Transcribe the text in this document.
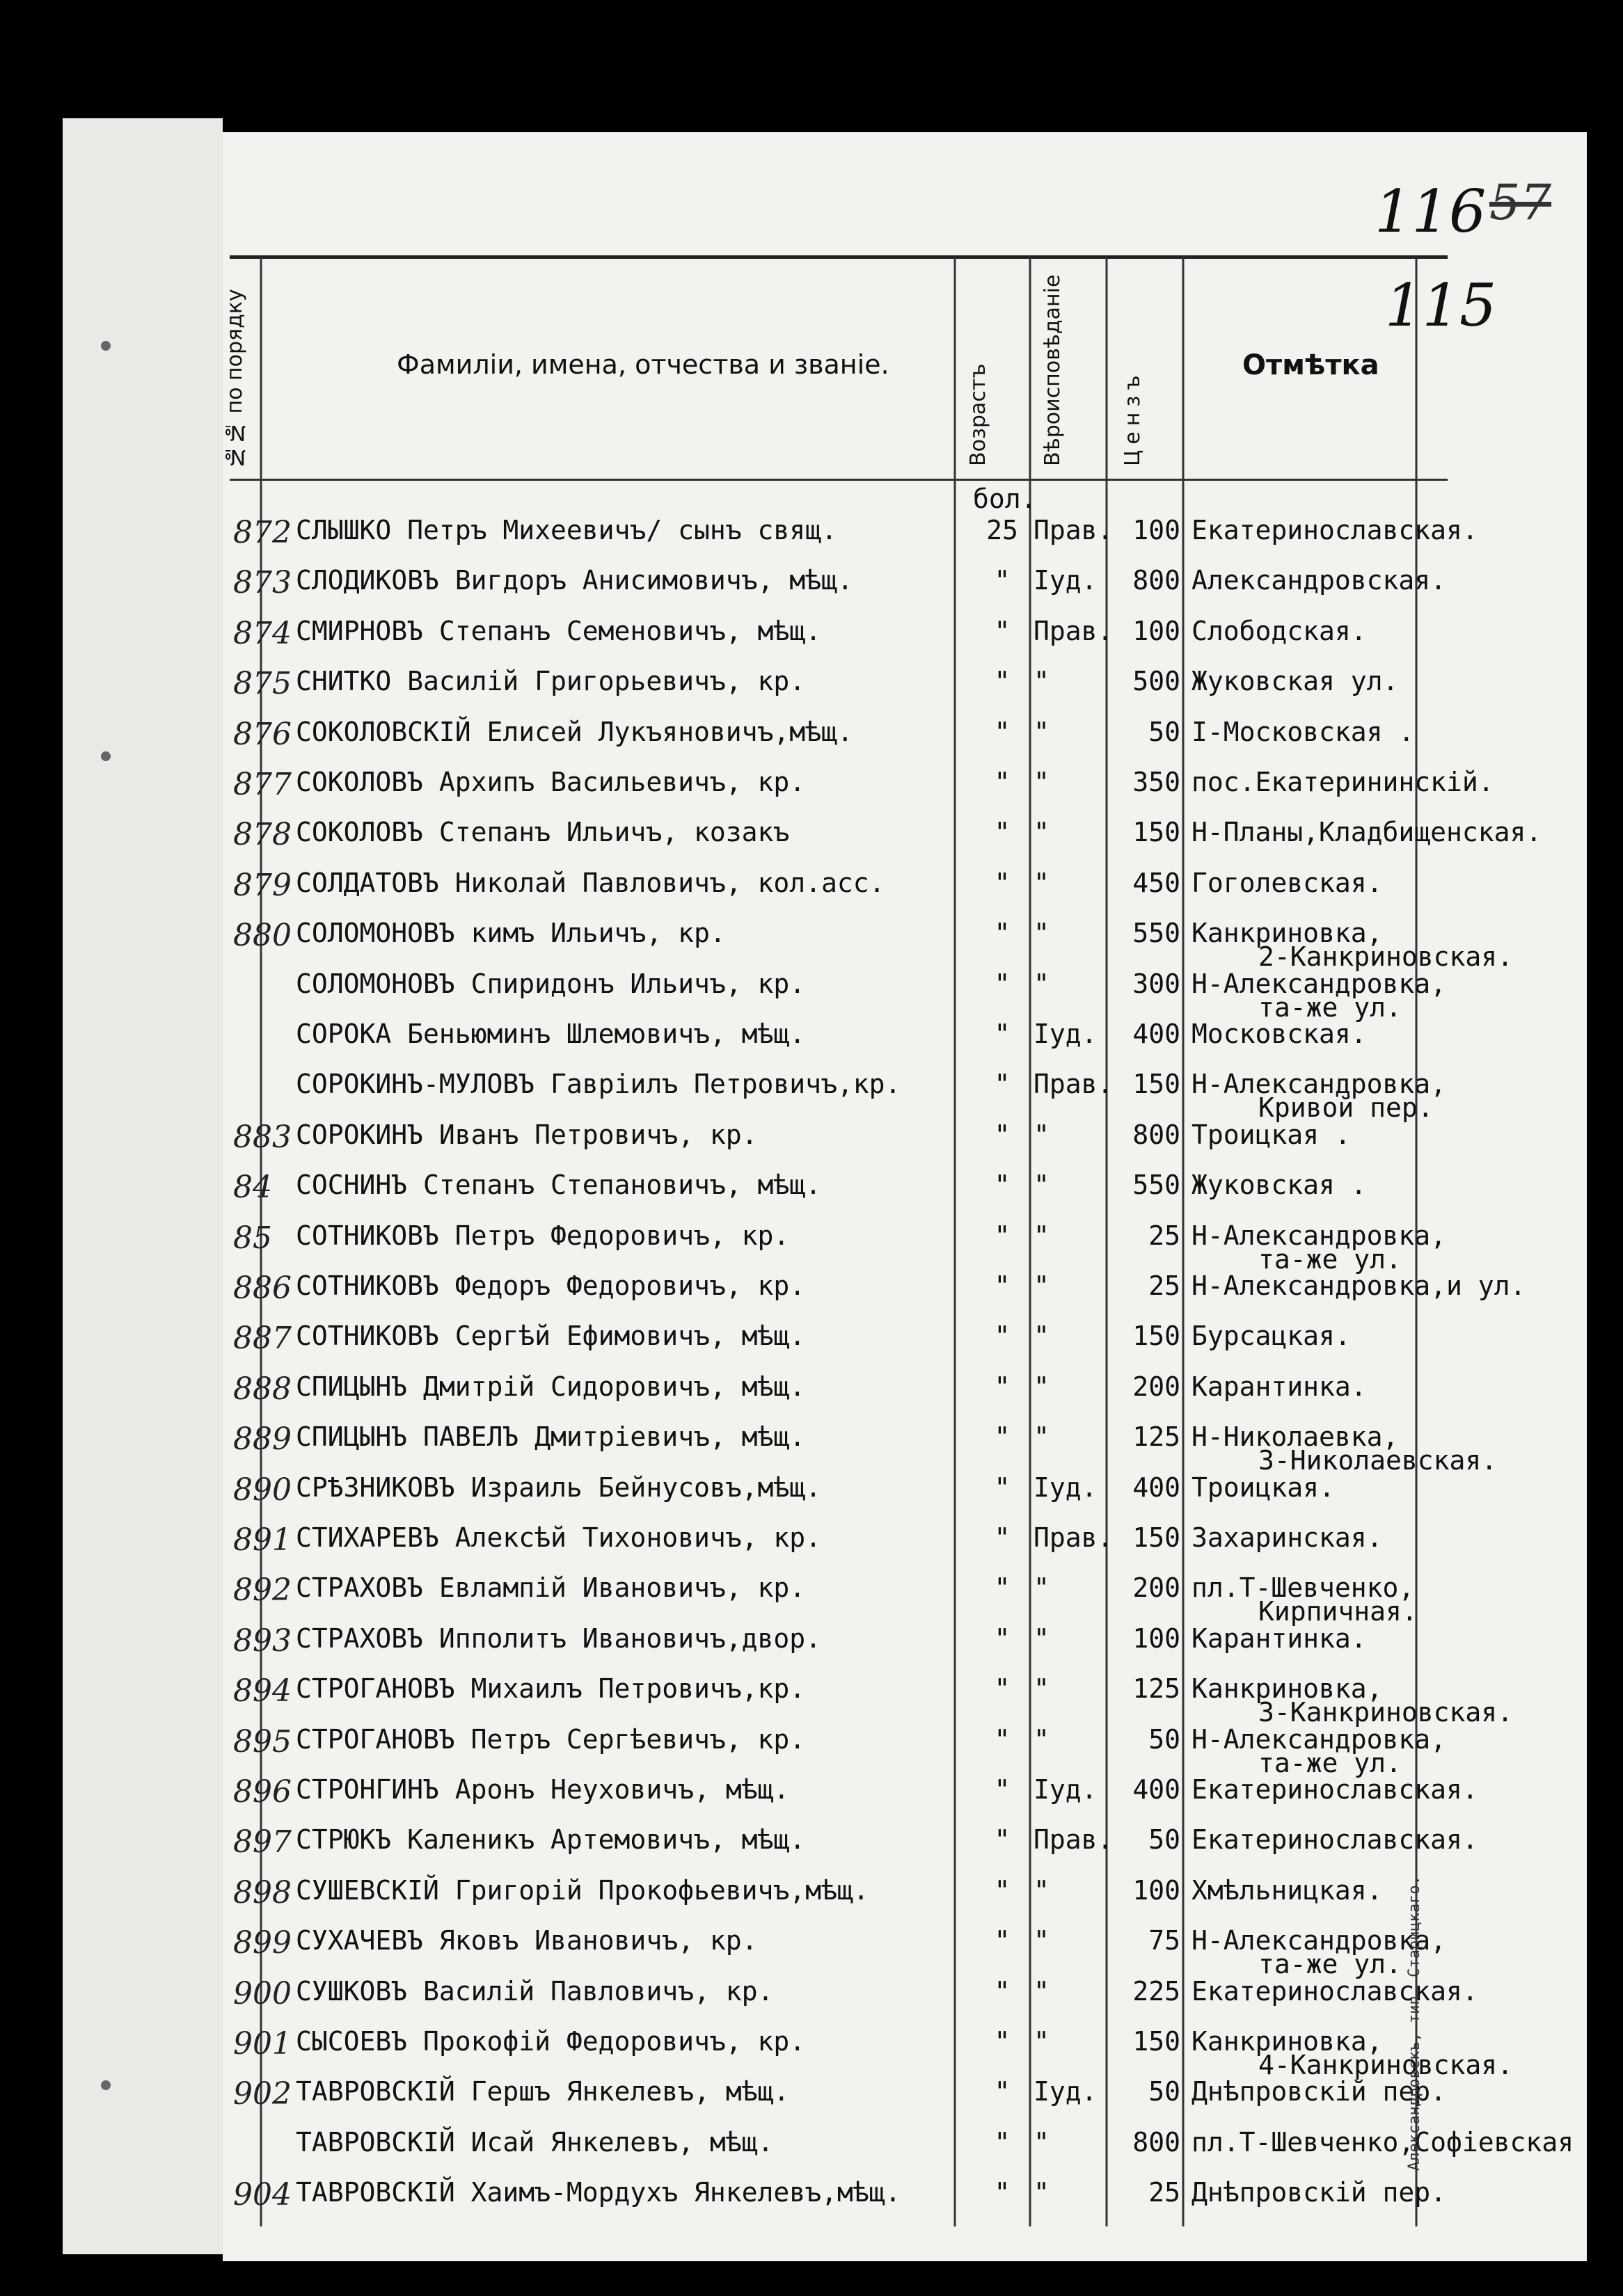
57
116
115
№№ по порядку	Фамиліи, имена, отчества и званіе.	Возрастъ Вѣроисповѣданіе	Цензъ
Отмѣтка
бол.
872 СЛЫШКО Петръ Михеевичъ/ сынъ свящ.	25 Прав. 100 Екатеринославская.
873 СЛОДИКОВЪ Вигдоръ Анисимовичъ, мѣщ.	" Iуд.	800 Александровская.
874 СМИРНОВЪ Степанъ Семеновичъ, мѣщ.	" Прав. 100 Слободская.
875 СНИТКО Василій Григорьевичъ, кр.	" "	500 Жуковская ул.
876 СОКОЛОВСКІЙ Елисей Лукъяновичъ,мѣщ.	" "	50 I-Московская .
877 СОКОЛОВЪ Архипъ Васильевичъ, кр.	" "	350 пос.Екатерининскій.
878 СОКОЛОВЪ Степанъ Ильичъ, козакъ	" "	150 Н-Планы,Кладбищенская.
879 СОЛДАТОВЪ Николай Павловичъ, кол.асс.	" "	450 Гоголевская.
880 СОЛОМОНОВЪ кимъ Ильичъ, кр.	" "	550 Канкриновка,
2-Канкриновская.
СОЛОМОНОВЪ Спиридонъ Ильичъ, кр.	" "	300 Н-Александровка,
та-же ул.
СОРОКА Беньюминъ Шлемовичъ, мѣщ.	" Iуд.	400 Московская.
СОРОКИНЪ-МУЛОВЪ Гавріилъ Петровичъ,кр.	" Прав. 150 Н-Александровка,
Кривой пер.
883 СОРОКИНЪ Иванъ Петровичъ, кр.	" "	800 Троицкая .
84 СОСНИНЪ Степанъ Степановичъ, мѣщ.	" "	550 Жуковская .
85 СОТНИКОВЪ Петръ Федоровичъ, кр.	" "	25 Н-Александровка,
та-же ул.
886 СОТНИКОВЪ Федоръ Федоровичъ, кр.	" "	25 Н-Александровка,и ул.
887 СОТНИКОВЪ Сергѣй Ефимовичъ, мѣщ.	" "	150 Бурсацкая.
888 СПИЦЫНЪ Дмитрій Сидоровичъ, мѣщ.	" "	200 Карантинка.
889 СПИЦЫНЪ ПАВЕЛЪ Дмитріевичъ, мѣщ.	" "	125 Н-Николаевка,
3-Николаевская.
890 СРѢЗНИКОВЪ Израиль Бейнусовъ,мѣщ.	" Iуд.	400 Троицкая.
891 СТИХАРЕВЪ Алексѣй Тихоновичъ, кр.	" Прав. 150 Захаринская.
892 СТРАХОВЪ Евлампій Ивановичъ, кр.	" "	200 пл.Т-Шевченко,
Кирпичная.
893 СТРАХОВЪ Ипполитъ Ивановичъ,двор.	" "	100 Карантинка.
894 СТРОГАНОВЪ Михаилъ Петровичъ,кр.	" "	125 Канкриновка,
3-Канкриновская.
895 СТРОГАНОВЪ Петръ Сергѣевичъ, кр.	" "	50 Н-Александровка,
та-же ул.
896 СТРОНГИНЪ Аронъ Неуховичъ, мѣщ.	" Iуд.	400 Екатеринославская.
897 СТРЮКЪ Каленикъ Артемовичъ, мѣщ.	" Прав.	50 Екатеринославская.
898 СУШЕВСКІЙ Григорій Прокофьевичъ,мѣщ.	" "	100 Хмѣльницкая.
899 СУХАЧЕВЪ Яковъ Ивановичъ, кр.	" "	75 Н-Александровка,
та-же ул.
900 СУШКОВЪ Василій Павловичъ, кр.	" "	225 Екатеринославская.
901 СЫСОЕВЪ Прокофій Федоровичъ, кр.	" "	150 Канкриновка,
4-Канкриновская.
902 ТАВРОВСКІЙ Гершъ Янкелевъ, мѣщ.	" Iуд.	50 Днѣпровскій пер.
ТАВРОВСКІЙ Исай Янкелевъ, мѣщ.	" "	800 пл.Т-Шевченко,Софіевская
904 ТАВРОВСКІЙ Хаимъ-Мордухъ Янкелевъ,мѣщ.	" "	25 Днѣпровскій пер.
Александровскъ, тип. Старицкаго.
